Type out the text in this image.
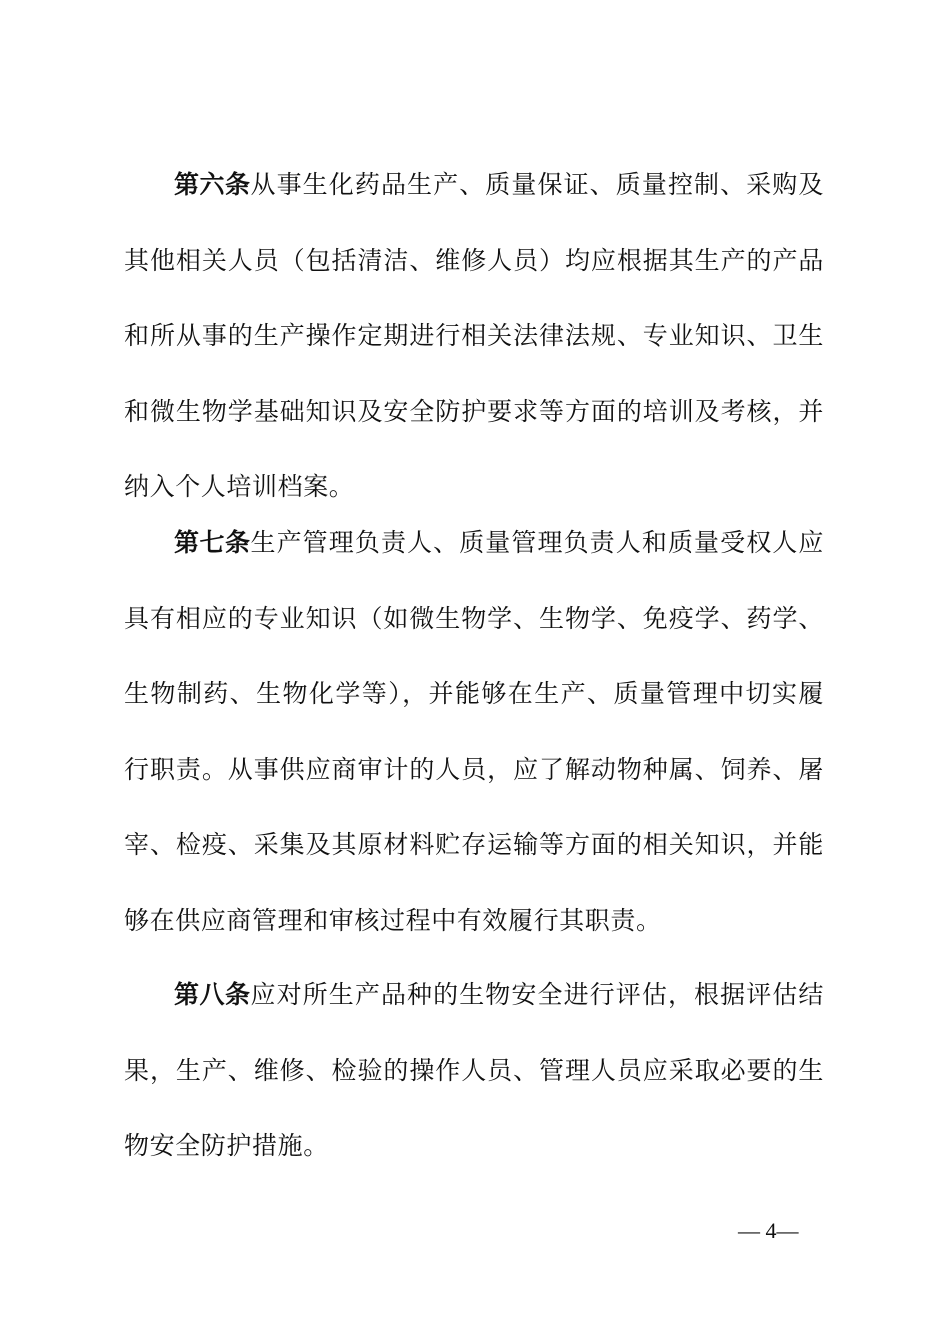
第六条从事生化药品生产、质量保证、质量控制、采购及其他相关人员（包括清洁、维修人员）均应根据其生产的产品和所从事的生产操作定期进行相关法律法规、专业知识、卫生和微生物学基础知识及安全防护要求等方面的培训及考核，并纳入个人培训档案。

第七条生产管理负责人、质量管理负责人和质量受权人应具有相应的专业知识（如微生物学、生物学、免疫学、药学、生物制药、生物化学等），并能够在生产、质量管理中切实履行职责。从事供应商审计的人员，应了解动物种属、饲养、屠宰、检疫、采集及其原材料贮存运输等方面的相关知识，并能够在供应商管理和审核过程中有效履行其职责。

第八条应对所生产品种的生物安全进行评估，根据评估结果，生产、维修、检验的操作人员、管理人员应采取必要的生物安全防护措施。

— 4—
